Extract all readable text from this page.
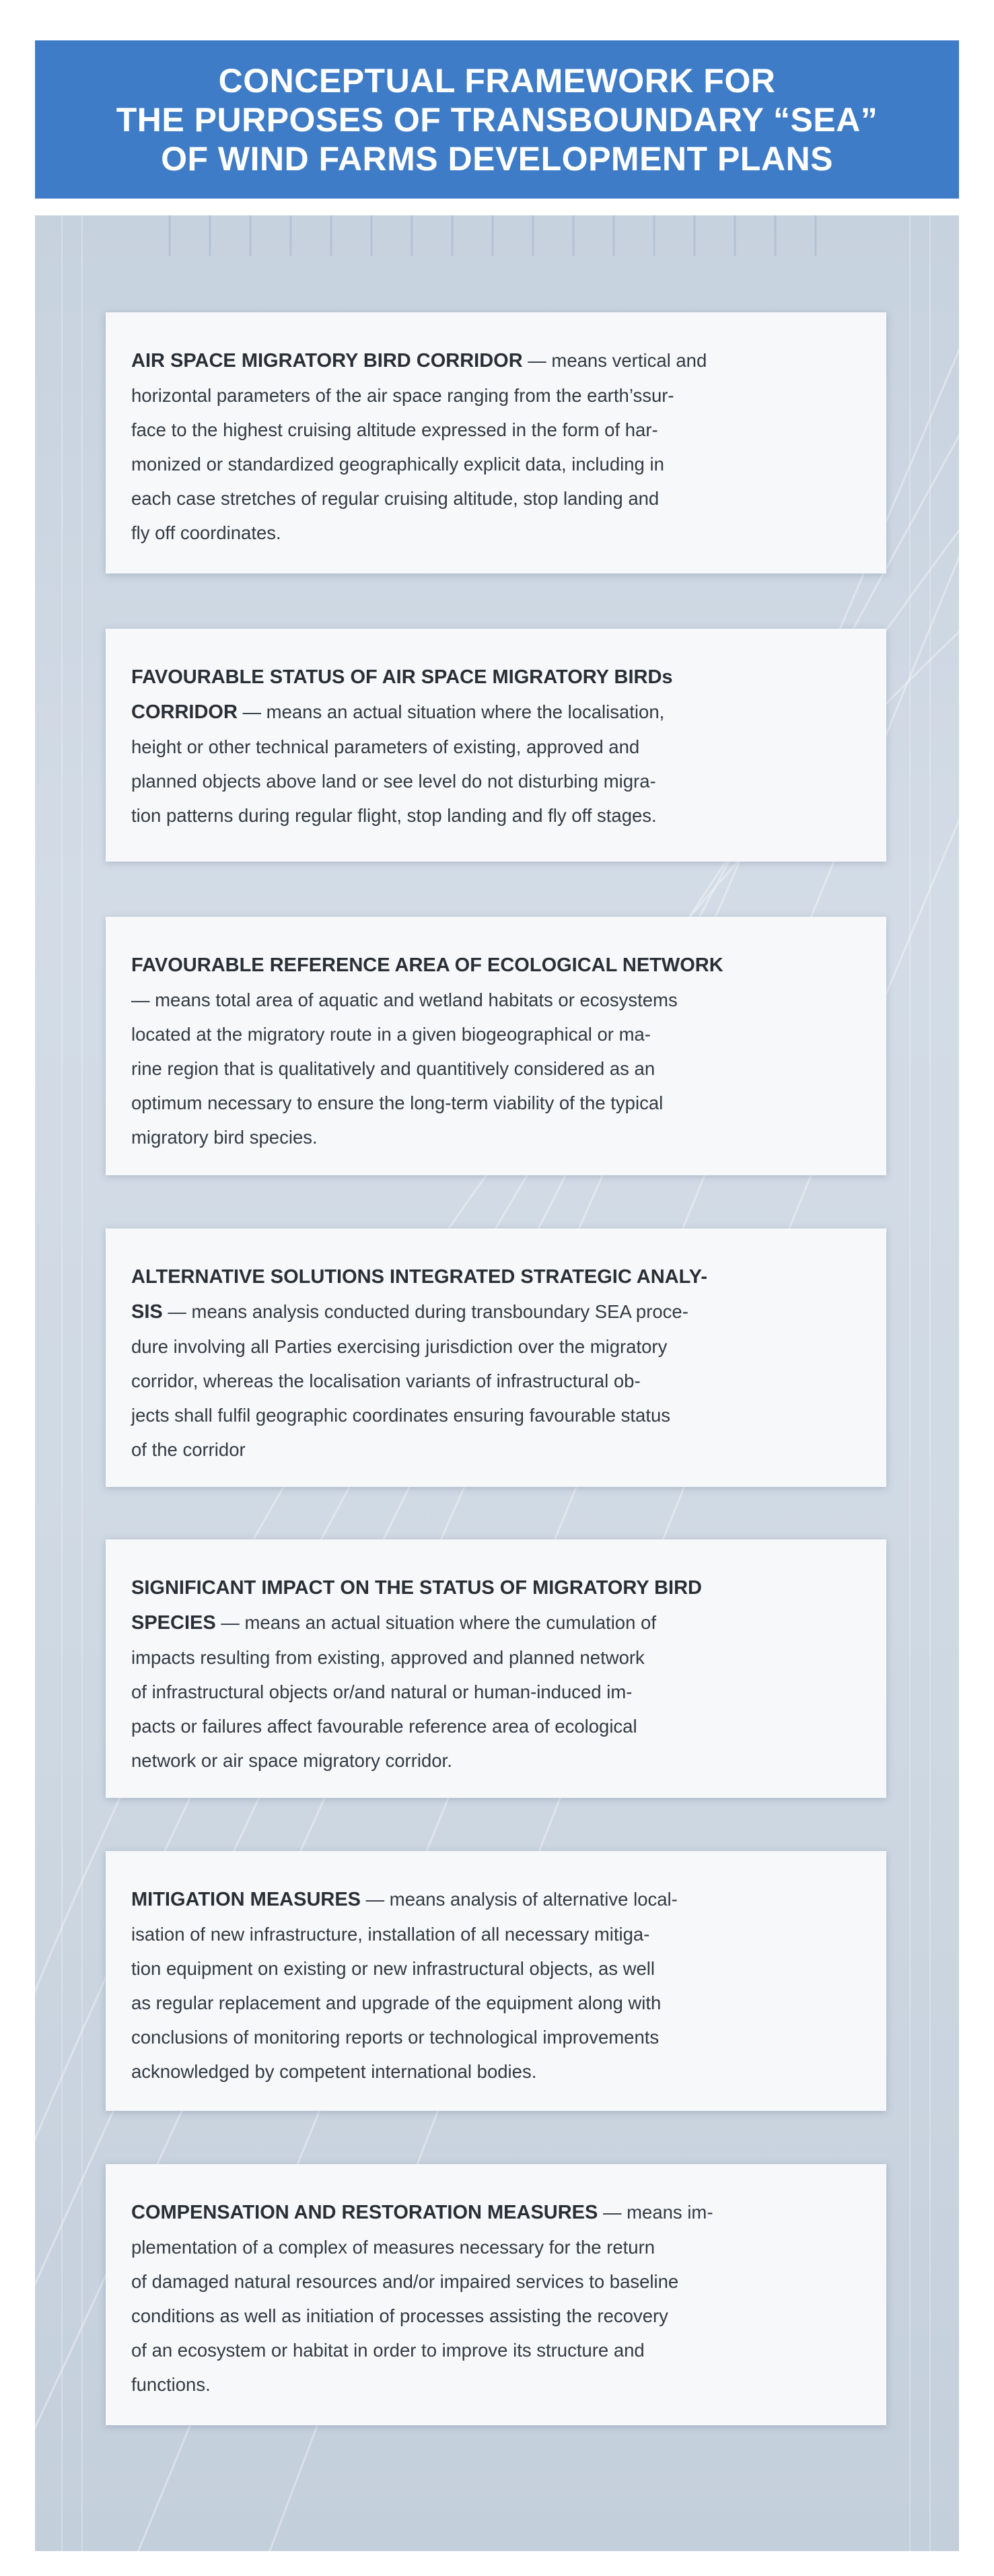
CONCEPTUAL FRAMEWORK FOR
THE PURPOSES OF TRANSBOUNDARY “SEA”
OF WIND FARMS DEVELOPMENT PLANS

AIR SPACE MIGRATORY BIRD CORRIDOR — means vertical and

horizontal parameters of the air space ranging from the earth’ssur-

face to the highest cruising altitude expressed in the form of har-

monized or standardized geographically explicit data, including in

each case stretches of regular cruising altitude, stop landing and

fly off coordinates.

FAVOURABLE STATUS OF AIR SPACE MIGRATORY BIRDs

CORRIDOR — means an actual situation where the localisation,

height or other technical parameters of existing, approved and

planned objects above land or see level do not disturbing migra-

tion patterns during regular flight, stop landing and fly off stages.

FAVOURABLE REFERENCE AREA OF ECOLOGICAL NETWORK

— means total area of aquatic and wetland habitats or ecosystems

located at the migratory route in a given biogeographical or ma-

rine region that is qualitatively and quantitively considered as an

optimum necessary to ensure the long-term viability of the typical

migratory bird species.

ALTERNATIVE SOLUTIONS INTEGRATED STRATEGIC ANALY-

SIS — means analysis conducted during transboundary SEA proce-

dure involving all Parties exercising jurisdiction over the migratory

corridor, whereas the localisation variants of infrastructural ob-

jects shall fulfil geographic coordinates ensuring favourable status

of the corridor

SIGNIFICANT IMPACT ON THE STATUS OF MIGRATORY BIRD

SPECIES — means an actual situation where the cumulation of

impacts resulting from existing, approved and planned network

of infrastructural objects or/and natural or human-induced im-

pacts or failures affect favourable reference area of ecological

network or air space migratory corridor.

MITIGATION MEASURES — means analysis of alternative local-

isation of new infrastructure, installation of all necessary mitiga-

tion equipment on existing or new infrastructural objects, as well

as regular replacement and upgrade of the equipment along with

conclusions of monitoring reports or technological improvements

acknowledged by competent international bodies.

COMPENSATION AND RESTORATION MEASURES — means im-

plementation of a complex of measures necessary for the return

of damaged natural resources and/or impaired services to baseline

conditions as well as initiation of processes assisting the recovery

of an ecosystem or habitat in order to improve its structure and

functions.
